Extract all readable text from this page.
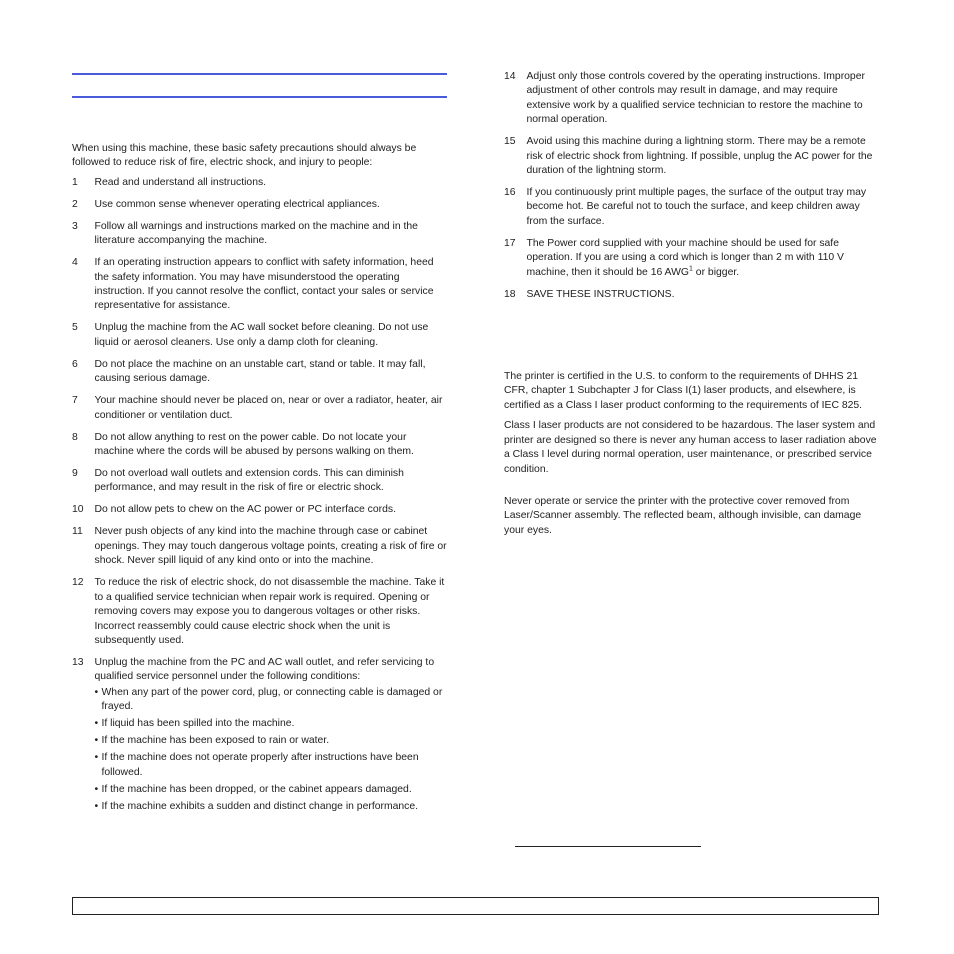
When using this machine, these basic safety precautions should always be followed to reduce risk of fire, electric shock, and injury to people:

1	Read and understand all instructions.
2	Use common sense whenever operating electrical appliances.
3	Follow all warnings and instructions marked on the machine and in the literature accompanying the machine.
4	If an operating instruction appears to conflict with safety information, heed the safety information. You may have misunderstood the operating instruction. If you cannot resolve the conflict, contact your sales or service representative for assistance.
5	Unplug the machine from the AC wall socket before cleaning. Do not use liquid or aerosol cleaners. Use only a damp cloth for cleaning.
6	Do not place the machine on an unstable cart, stand or table. It may fall, causing serious damage.
7	Your machine should never be placed on, near or over a radiator, heater, air conditioner or ventilation duct.
8	Do not allow anything to rest on the power cable. Do not locate your machine where the cords will be abused by persons walking on them.
9	Do not overload wall outlets and extension cords. This can diminish performance, and may result in the risk of fire or electric shock.
10	Do not allow pets to chew on the AC power or PC interface cords.
11	Never push objects of any kind into the machine through case or cabinet openings. They may touch dangerous voltage points, creating a risk of fire or shock. Never spill liquid of any kind onto or into the machine.
12	To reduce the risk of electric shock, do not disassemble the machine. Take it to a qualified service technician when repair work is required. Opening or removing covers may expose you to dangerous voltages or other risks. Incorrect reassembly could cause electric shock when the unit is subsequently used.
13	Unplug the machine from the PC and AC wall outlet, and refer servicing to qualified service personnel under the following conditions:
• When any part of the power cord, plug, or connecting cable is damaged or frayed.
• If liquid has been spilled into the machine.
• If the machine has been exposed to rain or water.
• If the machine does not operate properly after instructions have been followed.
• If the machine has been dropped, or the cabinet appears damaged.
• If the machine exhibits a sudden and distinct change in performance.
14	Adjust only those controls covered by the operating instructions. Improper adjustment of other controls may result in damage, and may require extensive work by a qualified service technician to restore the machine to normal operation.
15	Avoid using this machine during a lightning storm. There may be a remote risk of electric shock from lightning. If possible, unplug the AC power for the duration of the lightning storm.
16	If you continuously print multiple pages, the surface of the output tray may become hot. Be careful not to touch the surface, and keep children away from the surface.
17	The Power cord supplied with your machine should be used for safe operation. If you are using a cord which is longer than 2 m with 110 V machine, then it should be 16 AWG$^1$ or bigger.
18	SAVE THESE INSTRUCTIONS.

The printer is certified in the U.S. to conform to the requirements of DHHS 21 CFR, chapter 1 Subchapter J for Class I(1) laser products, and elsewhere, is certified as a Class I laser product conforming to the requirements of IEC 825.

Class I laser products are not considered to be hazardous. The laser system and printer are designed so there is never any human access to laser radiation above a Class I level during normal operation, user maintenance, or prescribed service condition.

Never operate or service the printer with the protective cover removed from Laser/Scanner assembly. The reflected beam, although invisible, can damage your eyes.
